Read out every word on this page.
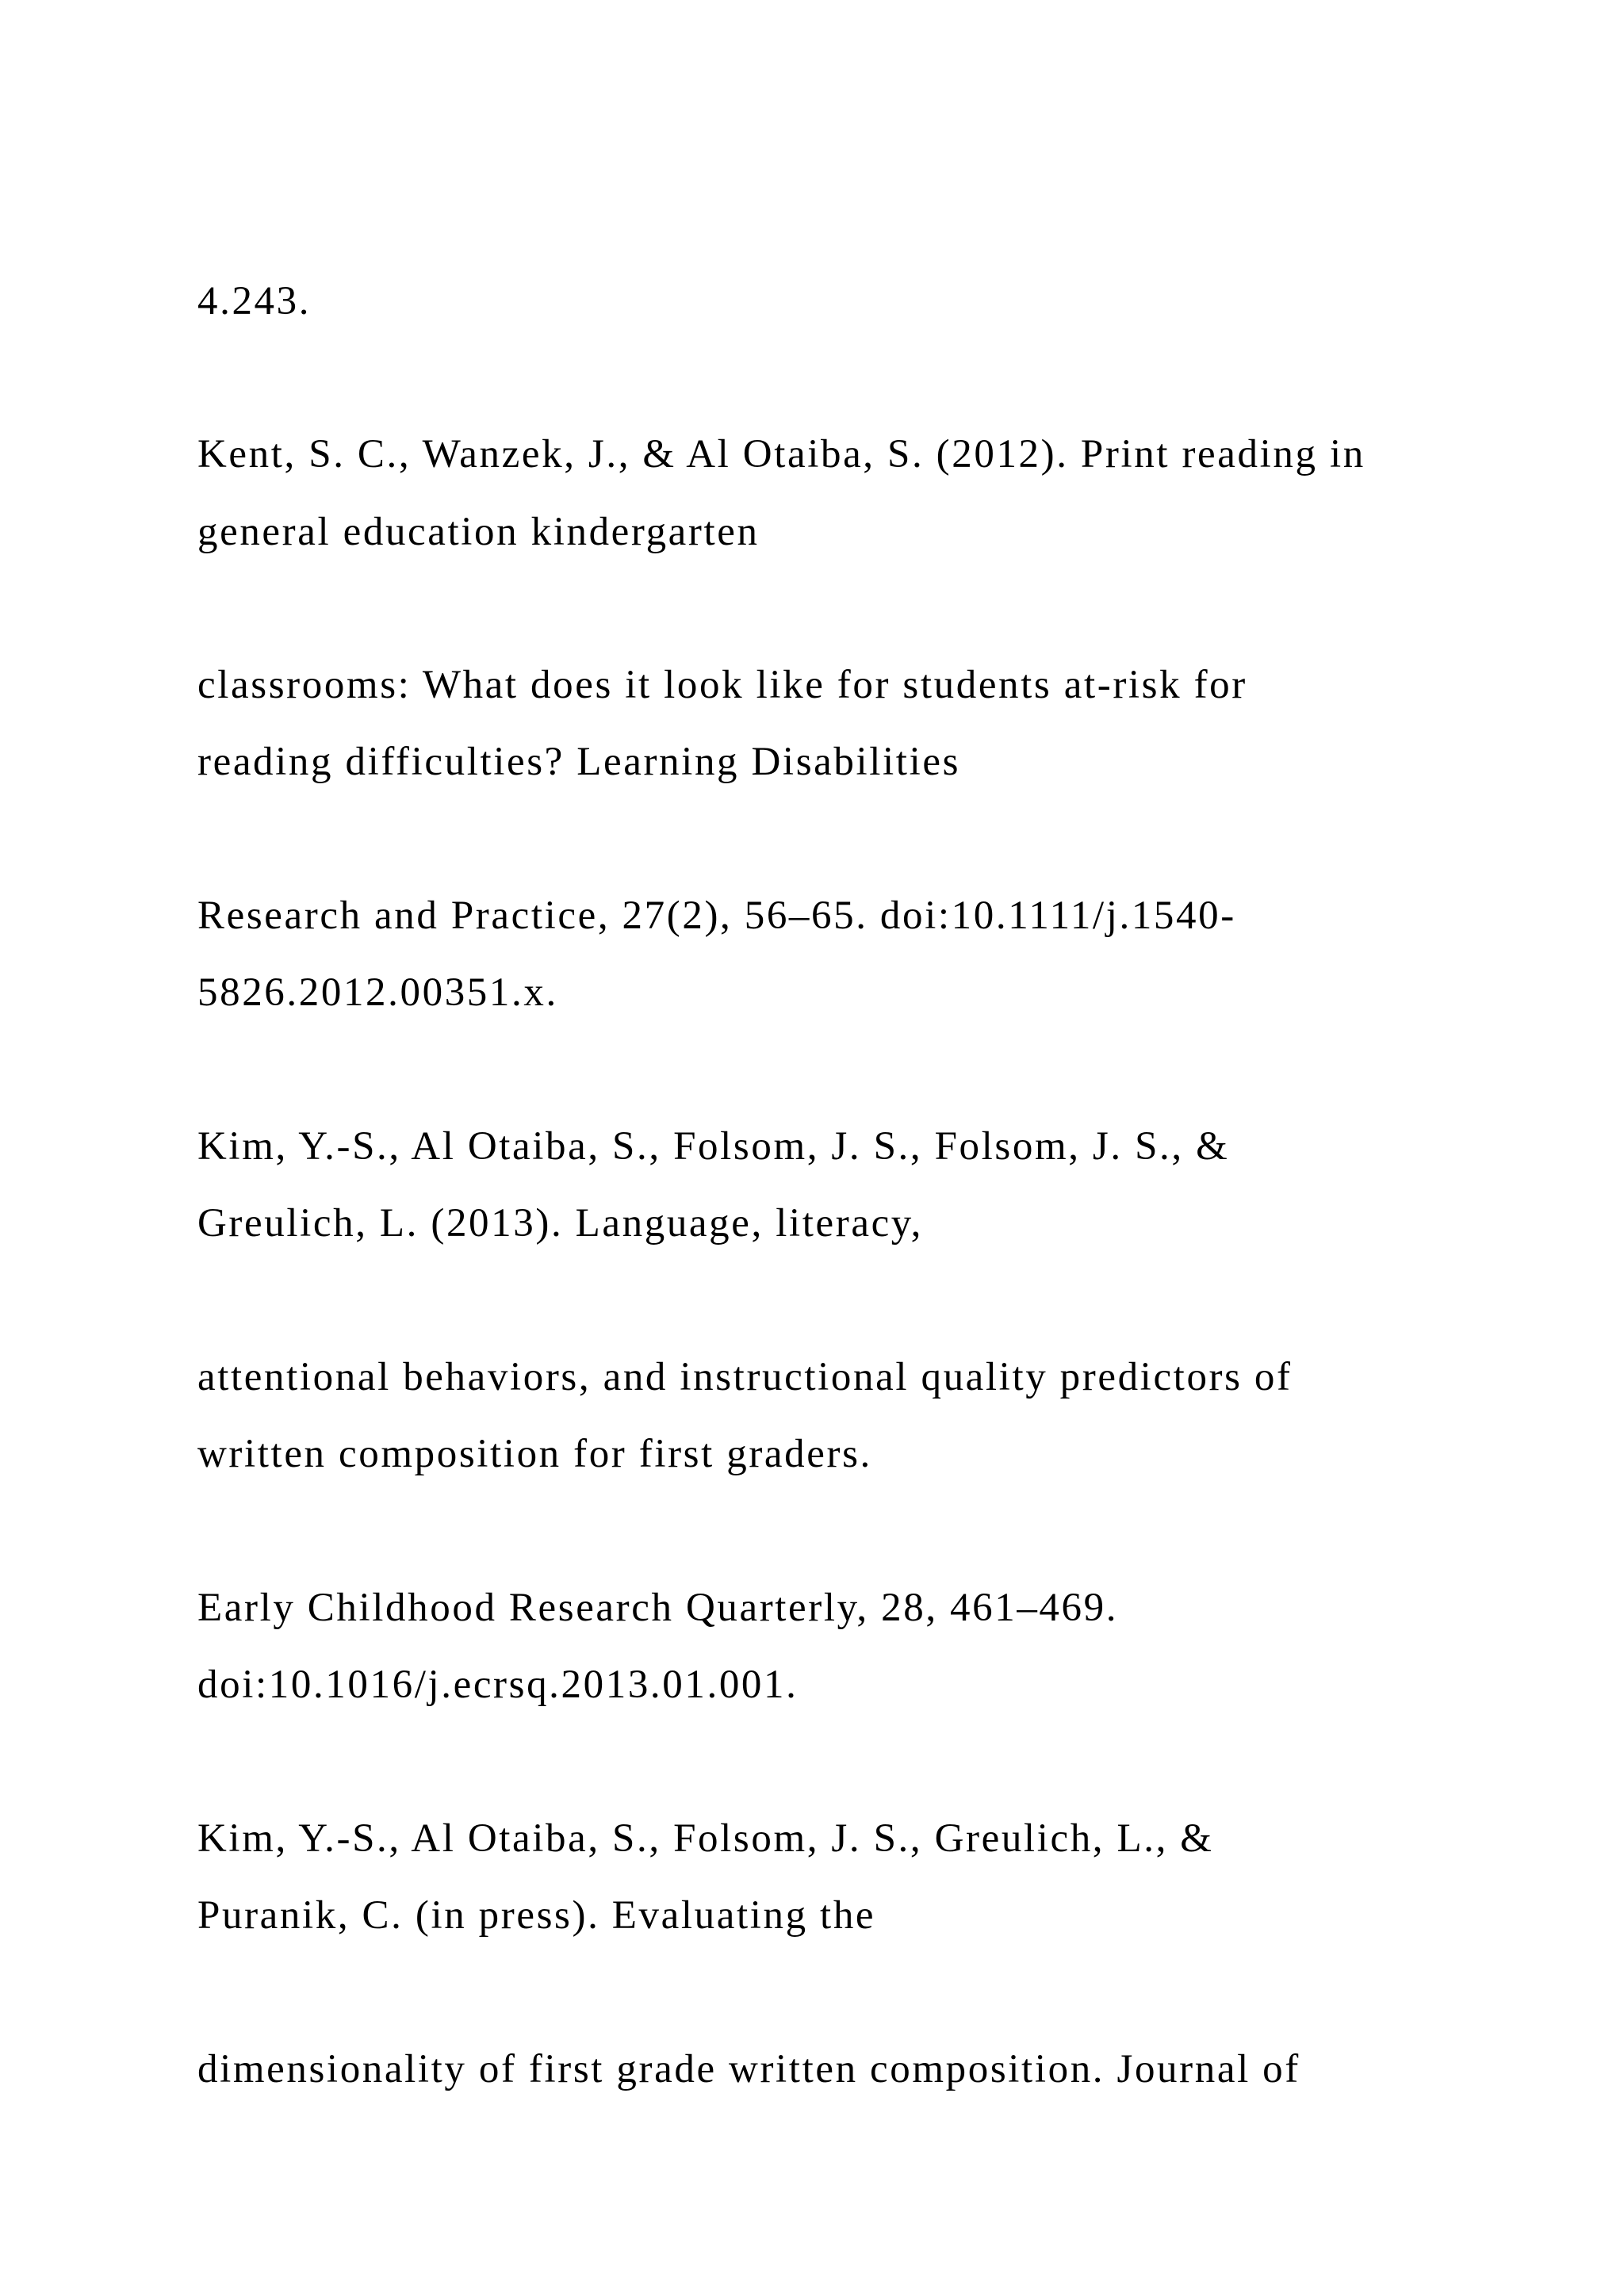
4.243.

Kent, S. C., Wanzek, J., & Al Otaiba, S. (2012). Print reading in

general education kindergarten

classrooms: What does it look like for students at-risk for

reading difficulties? Learning Disabilities

Research and Practice, 27(2), 56–65. doi:10.1111/j.1540-

5826.2012.00351.x.

Kim, Y.-S., Al Otaiba, S., Folsom, J. S., Folsom, J. S., &

Greulich, L. (2013). Language, literacy,

attentional behaviors, and instructional quality predictors of

written composition for first graders.

Early Childhood Research Quarterly, 28, 461–469.

doi:10.1016/j.ecrsq.2013.01.001.

Kim, Y.-S., Al Otaiba, S., Folsom, J. S., Greulich, L., &

Puranik, C. (in press). Evaluating the

dimensionality of first grade written composition. Journal of
